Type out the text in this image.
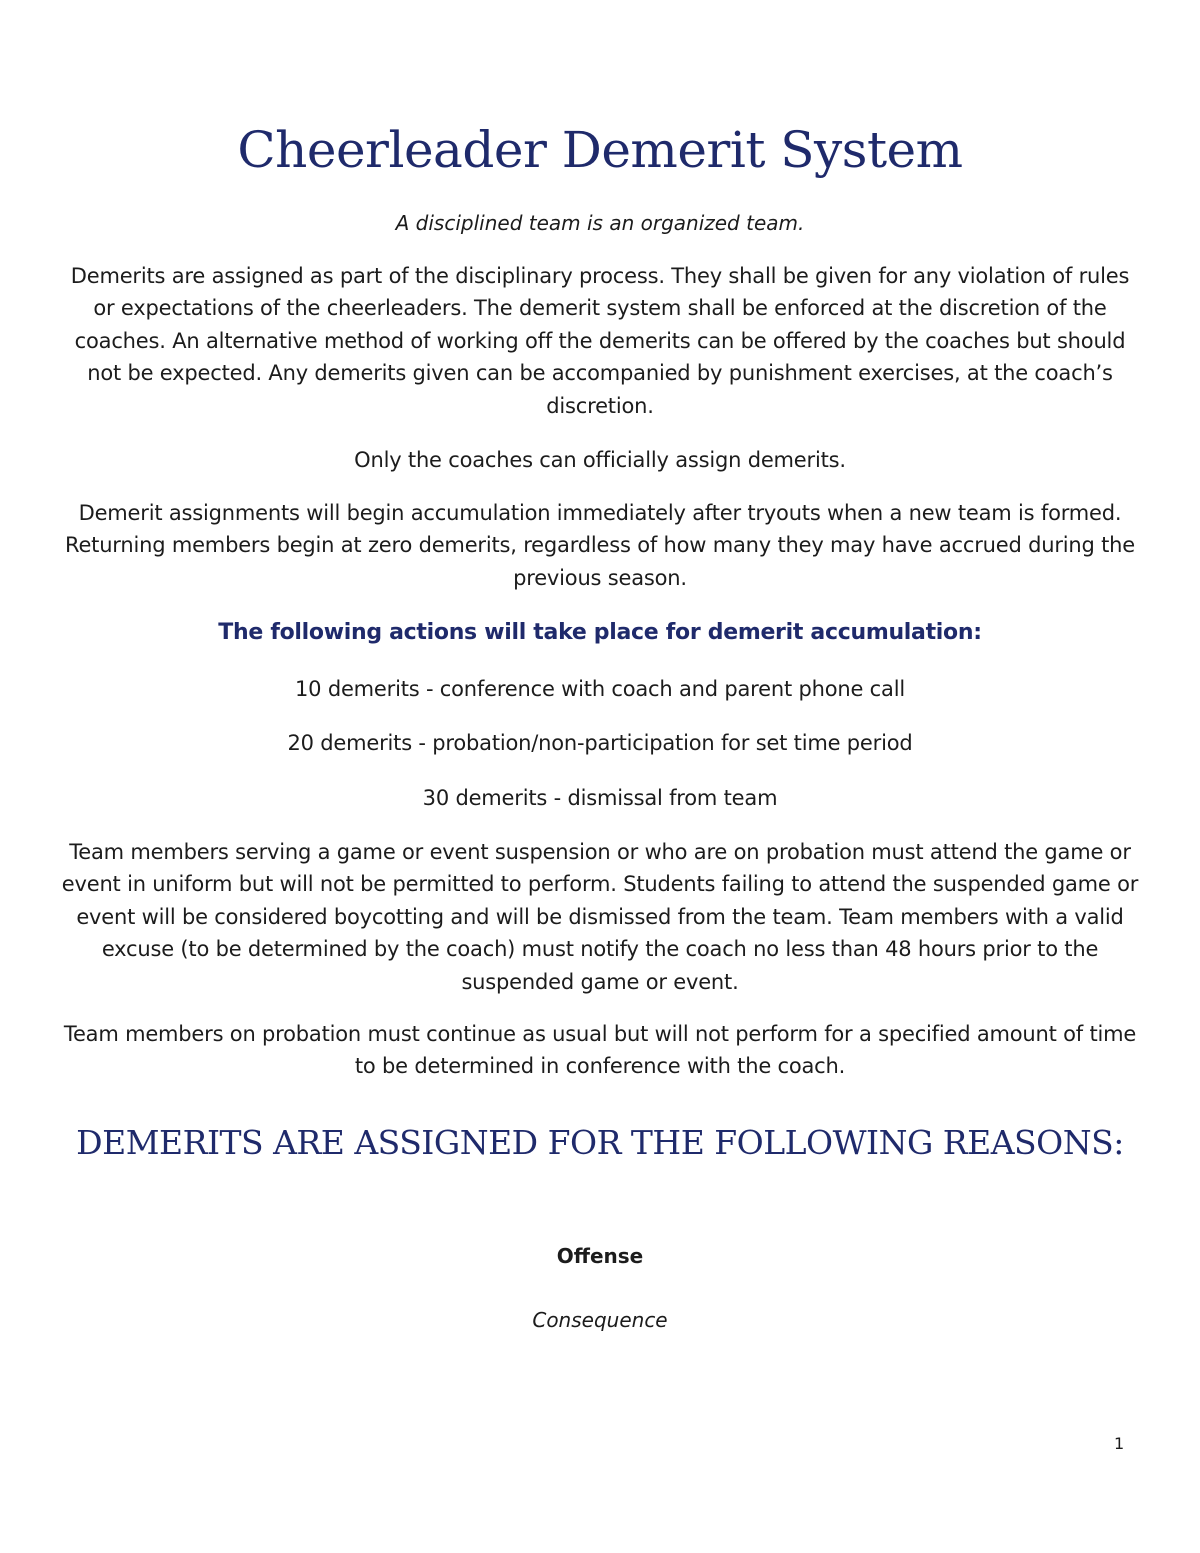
Cheerleader Demerit System

A disciplined team is an organized team.

Demerits are assigned as part of the disciplinary process. They shall be given for any violation of rules or expectations of the cheerleaders. The demerit system shall be enforced at the discretion of the coaches. An alternative method of working off the demerits can be offered by the coaches but should not be expected. Any demerits given can be accompanied by punishment exercises, at the coach’s discretion.

Only the coaches can officially assign demerits.

Demerit assignments will begin accumulation immediately after tryouts when a new team is formed. Returning members begin at zero demerits, regardless of how many they may have accrued during the previous season.

The following actions will take place for demerit accumulation:

10 demerits - conference with coach and parent phone call

20 demerits - probation/non-participation for set time period

30 demerits - dismissal from team

Team members serving a game or event suspension or who are on probation must attend the game or event in uniform but will not be permitted to perform. Students failing to attend the suspended game or event will be considered boycotting and will be dismissed from the team. Team members with a valid excuse (to be determined by the coach) must notify the coach no less than 48 hours prior to the suspended game or event.

Team members on probation must continue as usual but will not perform for a specified amount of time to be determined in conference with the coach.

DEMERITS ARE ASSIGNED FOR THE FOLLOWING REASONS:

Offense

Consequence

1
